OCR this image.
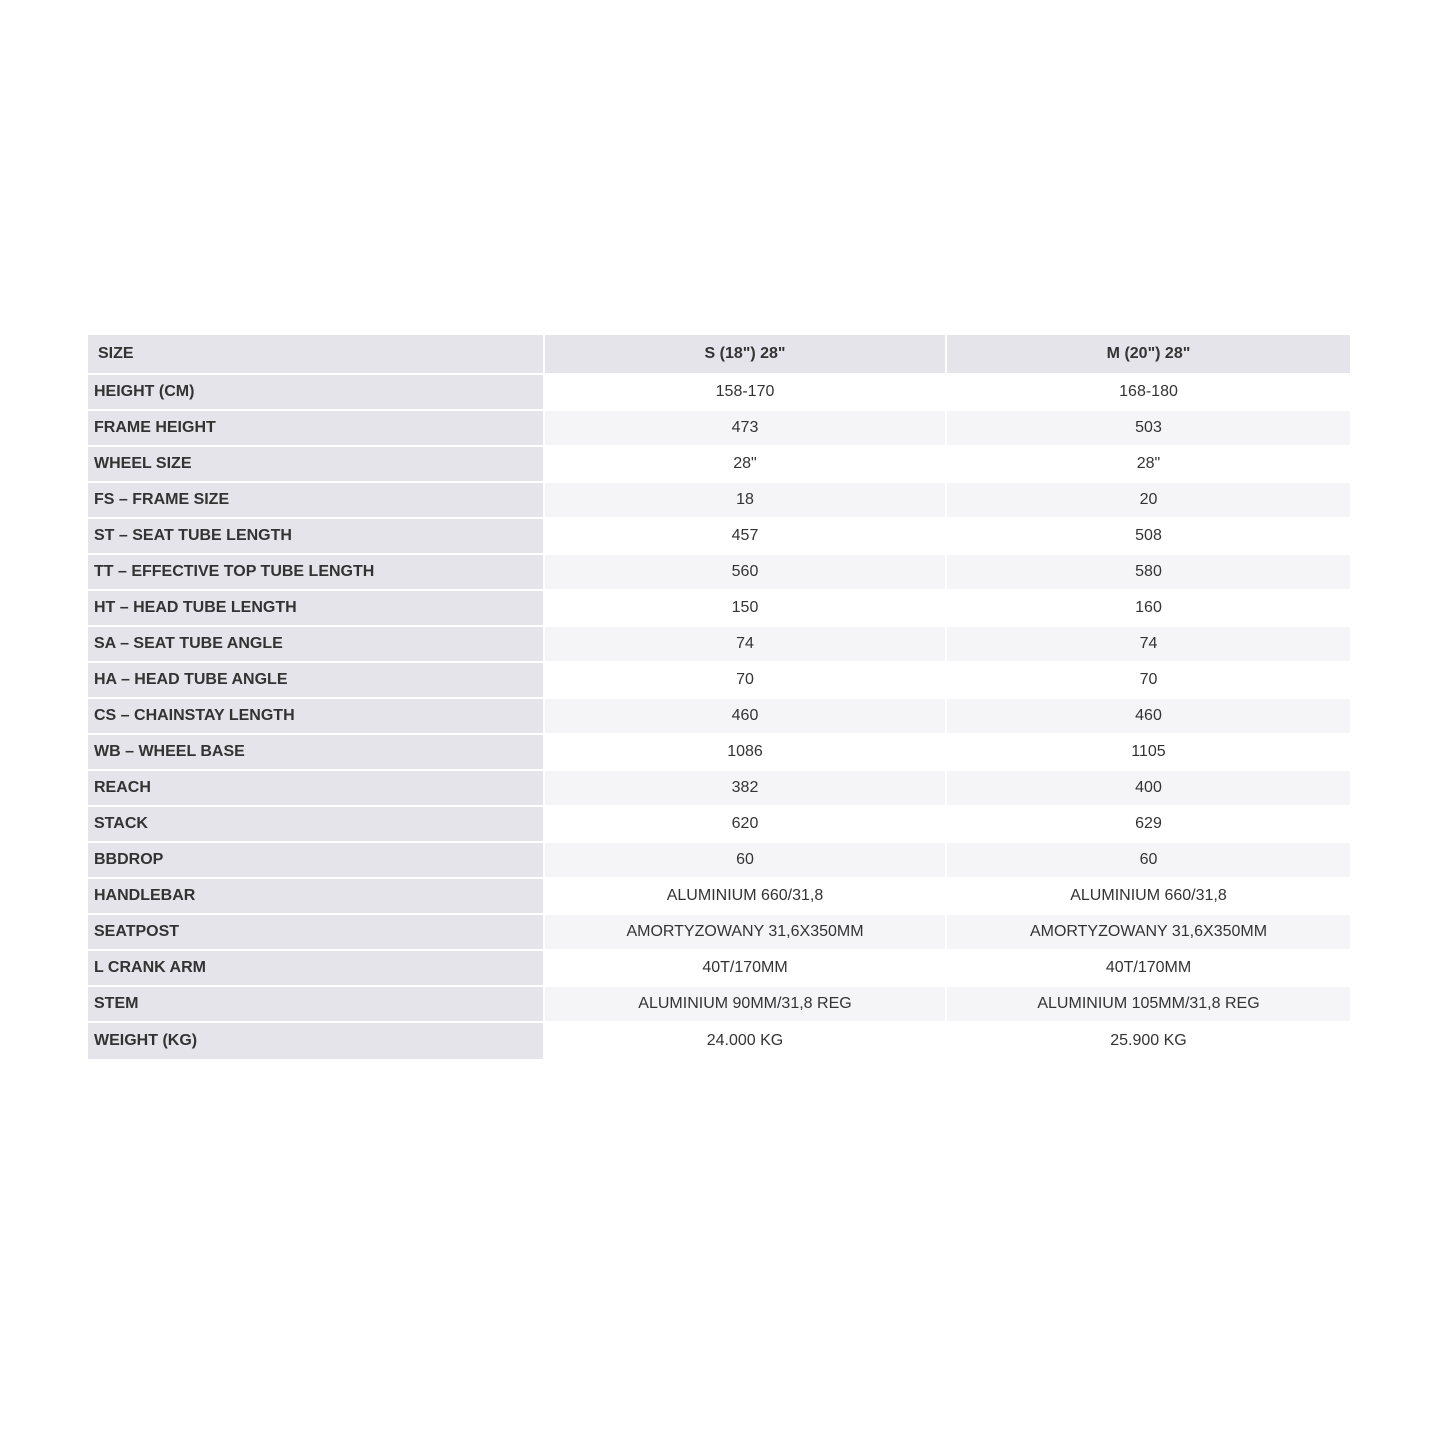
SIZE	S (18") 28"	M (20") 28"
HEIGHT (CM)	158-170	168-180
FRAME HEIGHT	473	503
WHEEL SIZE	28"	28"
FS – FRAME SIZE	18	20
ST – SEAT TUBE LENGTH	457	508
TT – EFFECTIVE TOP TUBE LENGTH	560	580
HT – HEAD TUBE LENGTH	150	160
SA – SEAT TUBE ANGLE	74	74
HA – HEAD TUBE ANGLE	70	70
CS – CHAINSTAY LENGTH	460	460
WB – WHEEL BASE	1086	1105
REACH	382	400
STACK	620	629
BBDROP	60	60
HANDLEBAR	ALUMINIUM 660/31,8	ALUMINIUM 660/31,8
SEATPOST	AMORTYZOWANY 31,6X350MM	AMORTYZOWANY 31,6X350MM
L CRANK ARM	40T/170MM	40T/170MM
STEM	ALUMINIUM 90MM/31,8 REG	ALUMINIUM 105MM/31,8 REG
WEIGHT (KG)	24.000 KG	25.900 KG
